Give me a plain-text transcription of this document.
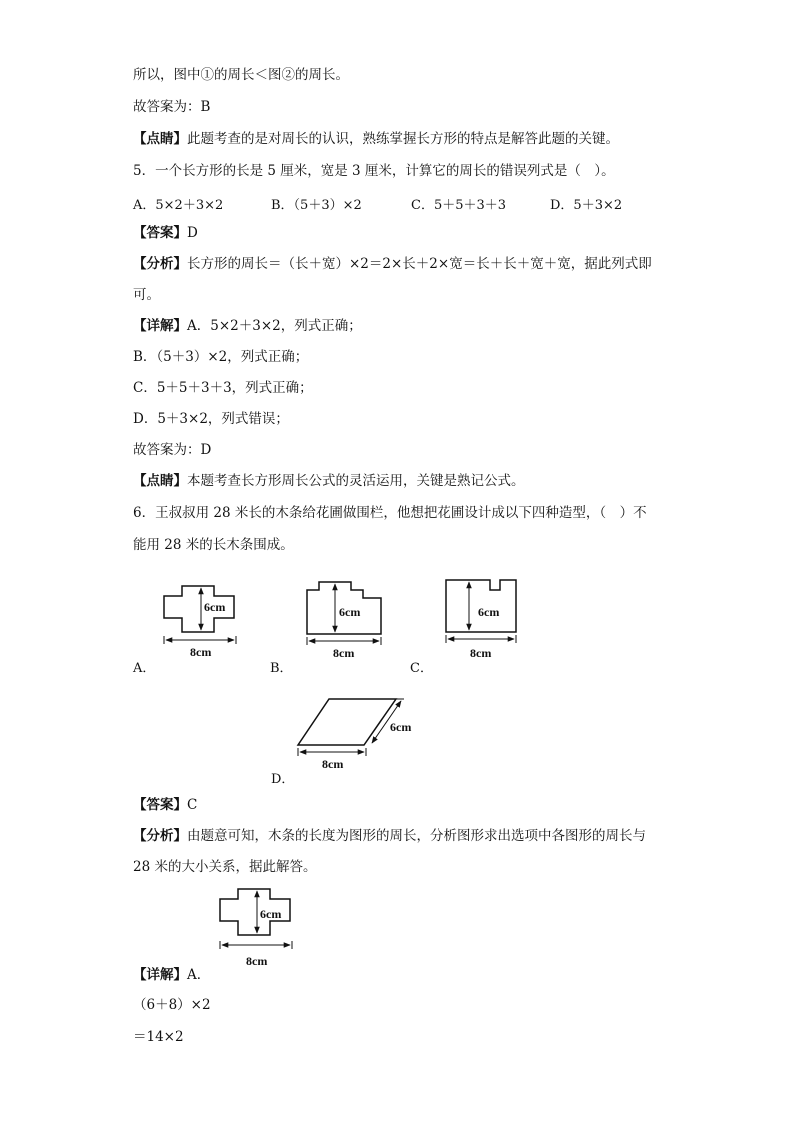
所以，图中①的周长＜图②的周长。
故答案为：B
【点睛】此题考查的是对周长的认识，熟练掌握长方形的特点是解答此题的关键。
5．一个长方形的长是 5 厘米，宽是 3 厘米，计算它的周长的错误列式是（　）。
A．5×2＋3×2	B．（5＋3）×2	C．5＋5＋3＋3	D．5＋3×2
【答案】D
【分析】长方形的周长＝（长＋宽）×2＝2×长＋2×宽＝长＋长＋宽＋宽，据此列式即
可。
【详解】A．5×2＋3×2，列式正确；
B．（5＋3）×2，列式正确；
C．5＋5＋3＋3，列式正确；
D．5＋3×2，列式错误；
故答案为：D
【点睛】本题考查长方形周长公式的灵活运用，关键是熟记公式。
6．王叔叔用 28 米长的木条给花圃做围栏，他想把花圃设计成以下四种造型，（　）不
能用 28 米的长木条围成。
6cm
8cm
A．
6cm
8cm
B．
6cm
8cm
C．
6cm
8cm
D．
【答案】C
【分析】由题意可知，木条的长度为图形的周长，分析图形求出选项中各图形的周长与
28 米的大小关系，据此解答。
6cm
8cm
【详解】A．
（6＋8）×2
＝14×2
